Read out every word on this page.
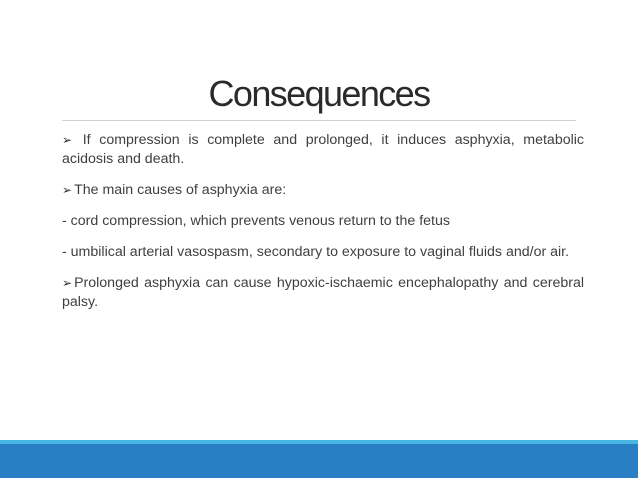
Consequences

➢ If compression is complete and prolonged, it induces asphyxia, metabolic acidosis and death.

➢ The main causes of asphyxia are:

- cord compression, which prevents venous return to the fetus

- umbilical arterial vasospasm, secondary to exposure to vaginal fluids and/or air.

➢ Prolonged asphyxia can cause hypoxic-ischaemic encephalopathy and cerebral palsy.
